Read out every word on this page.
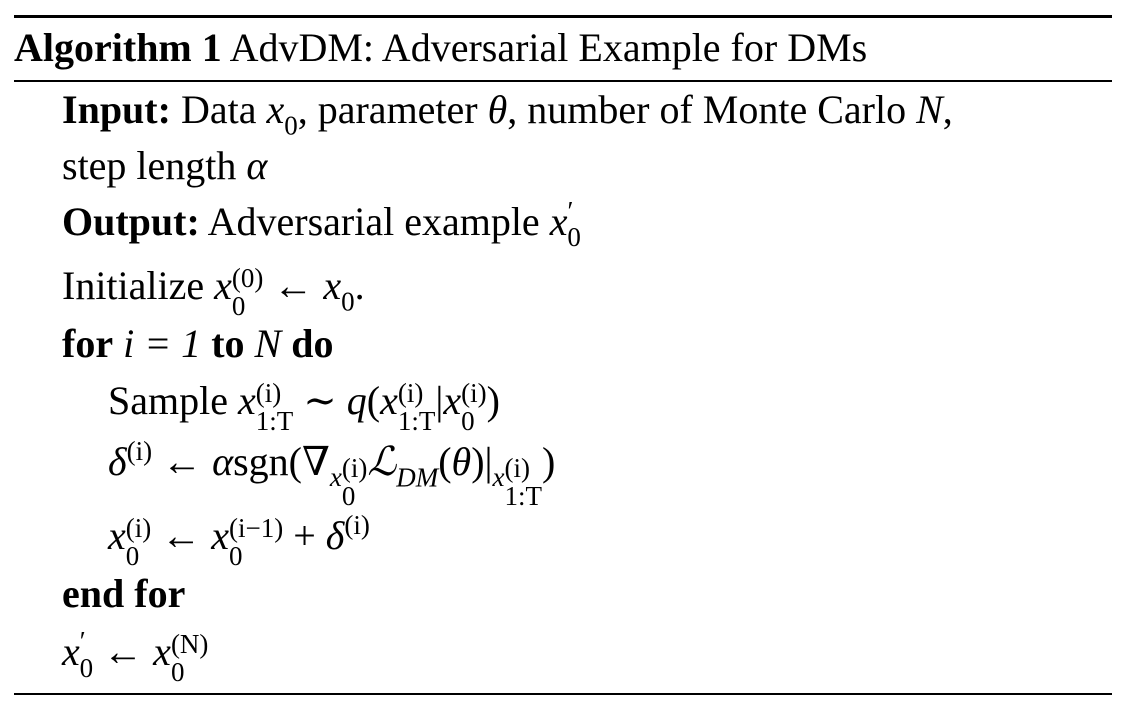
Algorithm 1 AdvDM: Adversarial Example for DMs
Input: Data $x_0$, parameter θ, number of Monte Carlo N,
step length α
Output: Adversarial example $x'_0$
Initialize x (0)
0 ← $x_0$.
for i = 1 to N do
Sample x (i)
1:T ∼ q(x (i)
1:T |x (i)
0 )
$\delta^{(i)}$ ← $\alpha sgn(\nabla_{x (i) 0}$
$ℒ_{DM}(\theta)|_{x (i) 1:T}$
)
x (i)
0 ← x (i−1)
0	+ $\delta^{(i)}$
end for
$x'_0$ ← x (N)
0
